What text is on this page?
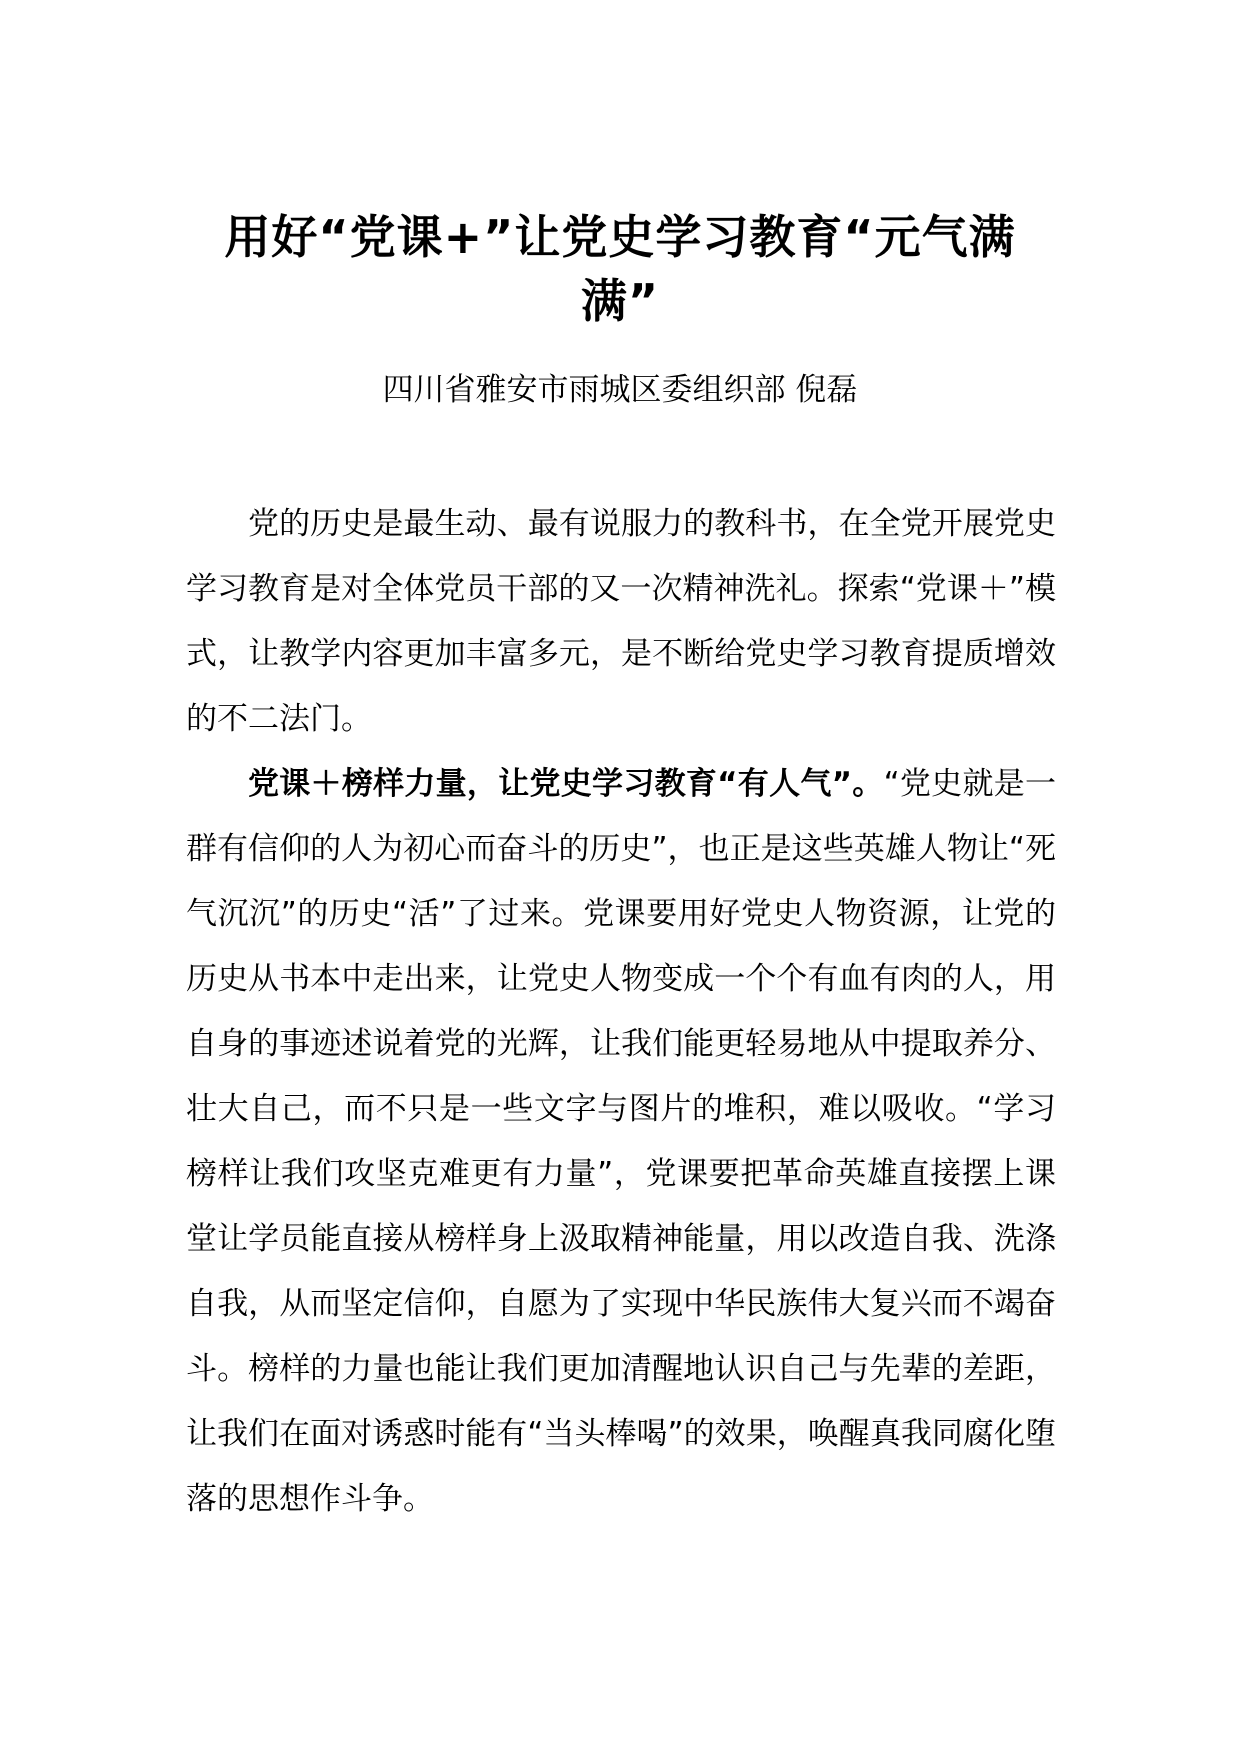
用好“党课+”让党史学习教育“元气满满”

四川省雅安市雨城区委组织部 倪磊

党的历史是最生动、最有说服力的教科书，在全党开展党史学习教育是对全体党员干部的又一次精神洗礼。探索“党课＋”模式，让教学内容更加丰富多元，是不断给党史学习教育提质增效的不二法门。

党课＋榜样力量，让党史学习教育“有人气”。“党史就是一群有信仰的人为初心而奋斗的历史”，也正是这些英雄人物让“死气沉沉”的历史“活”了过来。党课要用好党史人物资源，让党的历史从书本中走出来，让党史人物变成一个个有血有肉的人，用自身的事迹述说着党的光辉，让我们能更轻易地从中提取养分、壮大自己，而不只是一些文字与图片的堆积，难以吸收。“学习榜样让我们攻坚克难更有力量”，党课要把革命英雄直接摆上课堂让学员能直接从榜样身上汲取精神能量，用以改造自我、洗涤自我，从而坚定信仰，自愿为了实现中华民族伟大复兴而不竭奋斗。榜样的力量也能让我们更加清醒地认识自己与先辈的差距，让我们在面对诱惑时能有“当头棒喝”的效果，唤醒真我同腐化堕落的思想作斗争。
